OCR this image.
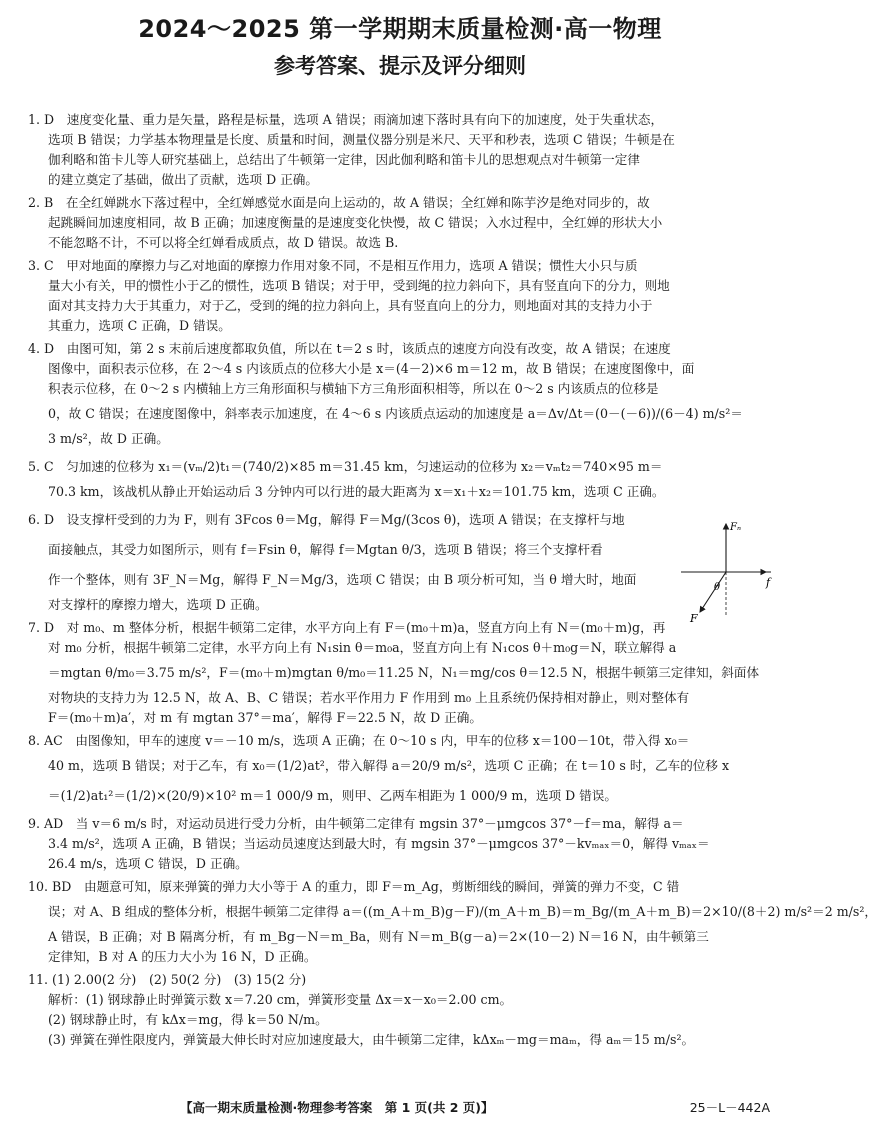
2024～2025 第一学期期末质量检测·高一物理
参考答案、提示及评分细则
1. D　速度变化量、重力是矢量，路程是标量，选项 A 错误；雨滴加速下落时具有向下的加速度，处于失重状态，
选项 B 错误；力学基本物理量是长度、质量和时间，测量仪器分别是米尺、天平和秒表，选项 C 错误；牛顿是在
伽利略和笛卡儿等人研究基础上，总结出了牛顿第一定律，因此伽利略和笛卡儿的思想观点对牛顿第一定律
的建立奠定了基础，做出了贡献，选项 D 正确。
2. B　在全红婵跳水下落过程中，全红婵感觉水面是向上运动的，故 A 错误；全红婵和陈芋汐是绝对同步的，故
起跳瞬间加速度相同，故 B 正确；加速度衡量的是速度变化快慢，故 C 错误；入水过程中，全红婵的形状大小
不能忽略不计，不可以将全红婵看成质点，故 D 错误。故选 B.
3. C　甲对地面的摩擦力与乙对地面的摩擦力作用对象不同，不是相互作用力，选项 A 错误；惯性大小只与质
量大小有关，甲的惯性小于乙的惯性，选项 B 错误；对于甲，受到绳的拉力斜向下，具有竖直向下的分力，则地
面对其支持力大于其重力，对于乙，受到的绳的拉力斜向上，具有竖直向上的分力，则地面对其的支持力小于
其重力，选项 C 正确，D 错误。
4. D　由图可知，第 2 s 末前后速度都取负值，所以在 t＝2 s 时，该质点的速度方向没有改变，故 A 错误；在速度
图像中，面积表示位移，在 2～4 s 内该质点的位移大小是 x＝(4－2)×6 m＝12 m，故 B 错误；在速度图像中，面
积表示位移，在 0～2 s 内横轴上方三角形面积与横轴下方三角形面积相等，所以在 0～2 s 内该质点的位移是
0，故 C 错误；在速度图像中，斜率表示加速度，在 4～6 s 内该质点运动的加速度是 a＝Δv/Δt＝(0－(－6))/(6－4) m/s²＝
3 m/s²，故 D 正确。
5. C　匀加速的位移为 x₁＝(vₘ/2)t₁＝(740/2)×85 m＝31.45 km，匀速运动的位移为 x₂＝vₘt₂＝740×95 m＝
70.3 km，该战机从静止开始运动后 3 分钟内可以行进的最大距离为 x＝x₁＋x₂＝101.75 km，选项 C 正确。
6. D　设支撑杆受到的力为 F，则有 3Fcos θ＝Mg，解得 F＝Mg/(3cos θ)，选项 A 错误；在支撑杆与地
面接触点，其受力如图所示，则有 f＝Fsin θ，解得 f＝Mgtan θ/3，选项 B 错误；将三个支撑杆看
作一个整体，则有 3F_N＝Mg，解得 F_N＝Mg/3，选项 C 错误；由 B 项分析可知，当 θ 增大时，地面
对支撑杆的摩擦力增大，选项 D 正确。
7. D　对 m₀、m 整体分析，根据牛顿第二定律，水平方向上有 F＝(m₀＋m)a，竖直方向上有 N＝(m₀＋m)g，再
对 m₀ 分析，根据牛顿第二定律，水平方向上有 N₁sin θ＝m₀a，竖直方向上有 N₁cos θ＋m₀g＝N，联立解得 a
＝mgtan θ/m₀＝3.75 m/s²，F＝(m₀＋m)mgtan θ/m₀＝11.25 N，N₁＝mg/cos θ＝12.5 N，根据牛顿第三定律知，斜面体
对物块的支持力为 12.5 N，故 A、B、C 错误；若水平作用力 F 作用到 m₀ 上且系统仍保持相对静止，则对整体有
F＝(m₀＋m)a′，对 m 有 mgtan 37°＝ma′，解得 F＝22.5 N，故 D 正确。
8. AC　由图像知，甲车的速度 v＝－10 m/s，选项 A 正确；在 0～10 s 内，甲车的位移 x＝100－10t，带入得 x₀＝
40 m，选项 B 错误；对于乙车，有 x₀＝(1/2)at²，带入解得 a＝20/9 m/s²，选项 C 正确；在 t＝10 s 时，乙车的位移 x
＝(1/2)at₁²＝(1/2)×(20/9)×10² m＝1 000/9 m，则甲、乙两车相距为 1 000/9 m，选项 D 错误。
9. AD　当 v＝6 m/s 时，对运动员进行受力分析，由牛顿第二定律有 mgsin 37°－μmgcos 37°－f＝ma，解得 a＝
3.4 m/s²，选项 A 正确，B 错误；当运动员速度达到最大时，有 mgsin 37°－μmgcos 37°－kvₘₐₓ＝0，解得 vₘₐₓ＝
26.4 m/s，选项 C 错误，D 正确。
10. BD　由题意可知，原来弹簧的弹力大小等于 A 的重力，即 F＝m_Ag，剪断细线的瞬间，弹簧的弹力不变，C 错
误；对 A、B 组成的整体分析，根据牛顿第二定律得 a＝((m_A＋m_B)g－F)/(m_A＋m_B)＝m_Bg/(m_A＋m_B)＝2×10/(8＋2) m/s²＝2 m/s²，
A 错误，B 正确；对 B 隔离分析，有 m_Bg－N＝m_Ba，则有 N＝m_B(g－a)＝2×(10－2) N＝16 N，由牛顿第三
定律知，B 对 A 的压力大小为 16 N，D 正确。
11. (1) 2.00(2 分)　(2) 50(2 分)　(3) 15(2 分)
解析：(1) 钢球静止时弹簧示数 x＝7.20 cm，弹簧形变量 Δx＝x－x₀＝2.00 cm。
(2) 钢球静止时，有 kΔx＝mg，得 k＝50 N/m。
(3) 弹簧在弹性限度内，弹簧最大伸长时对应加速度最大，由牛顿第二定律，kΔxₘ－mg＝maₘ，得 aₘ＝15 m/s²。
Fₙ
f
θ
F
【高一期末质量检测·物理参考答案　第 1 页(共 2 页)】	25－L－442A
